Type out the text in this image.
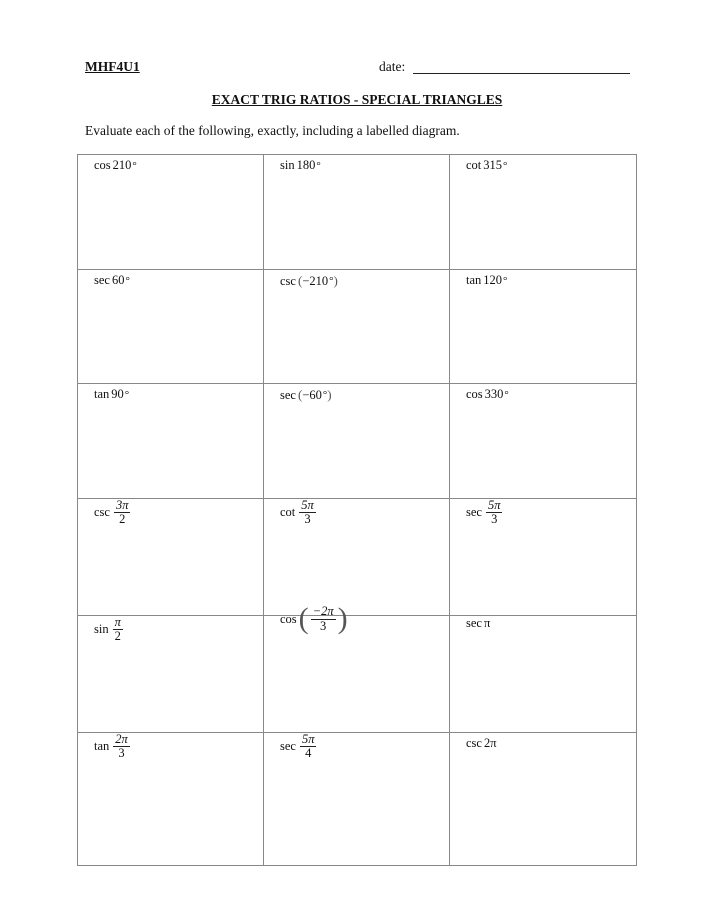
MHF4U1	date:
EXACT TRIG RATIOS - SPECIAL TRIANGLES
Evaluate each of the following, exactly, including a labelled diagram.
cos 210 °	sin 180 °	cot 315 °
sec 60 °	csc ( −210 ° )	tan 120 °
tan 90 °	sec ( −60 ° )	cos 330 °
$\csc \frac{3\pi}{2}$	$\cot \frac{5\pi}{3}$	$\sec \frac{5\pi}{3}$
$\sin \frac{\pi}{2}$	cos ( $\frac{-2\pi}{3}$ )	sec π
$\tan \frac{2\pi}{3}$	$\sec \frac{5\pi}{4}$	csc 2π
